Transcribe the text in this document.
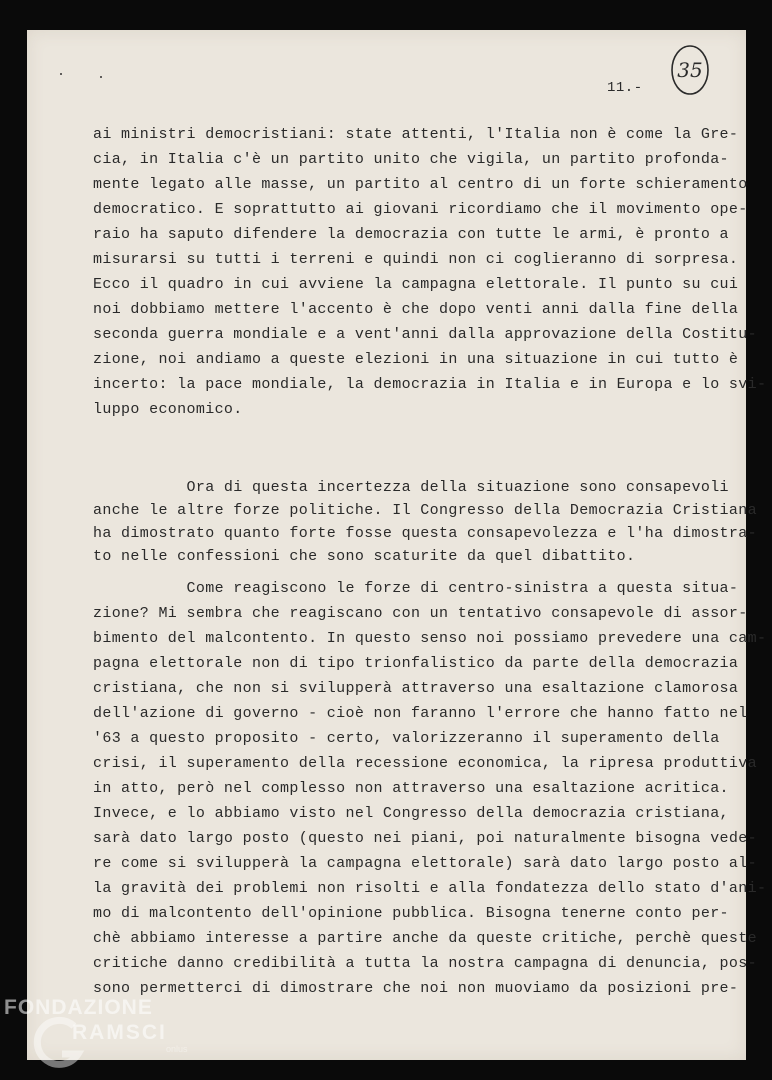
11.-
35
ai ministri democristiani: state attenti, l'Italia non è come la Gre-
cia, in Italia c'è un partito unito che vigila, un partito profonda-
mente legato alle masse, un partito al centro di un forte schieramento
democratico. E soprattutto ai giovani ricordiamo che il movimento ope-
raio ha saputo difendere la democrazia con tutte le armi, è pronto a
misurarsi su tutti i terreni e quindi non ci coglieranno di sorpresa.
Ecco il quadro in cui avviene la campagna elettorale. Il punto su cui
noi dobbiamo mettere l'accento è che dopo venti anni dalla fine della
seconda guerra mondiale e a vent'anni dalla approvazione della Costitu-
zione, noi andiamo a queste elezioni in una situazione in cui tutto è
incerto: la pace mondiale, la democrazia in Italia e in Europa e lo svi-
luppo economico.
Ora di questa incertezza della situazione sono consapevoli
anche le altre forze politiche. Il Congresso della Democrazia Cristiana
ha dimostrato quanto forte fosse questa consapevolezza e l'ha dimostra-
to nelle confessioni che sono scaturite da quel dibattito.
Come reagiscono le forze di centro-sinistra a questa situa-
zione? Mi sembra che reagiscano con un tentativo consapevole di assor-
bimento del malcontento. In questo senso noi possiamo prevedere una cam-
pagna elettorale non di tipo trionfalistico da parte della democrazia
cristiana, che non si svilupperà attraverso una esaltazione clamorosa
dell'azione di governo - cioè non faranno l'errore che hanno fatto nel
'63 a questo proposito - certo, valorizzeranno il superamento della
crisi, il superamento della recessione economica, la ripresa produttiva
in atto, però nel complesso non attraverso una esaltazione acritica.
Invece, e lo abbiamo visto nel Congresso della democrazia cristiana,
sarà dato largo posto (questo nei piani, poi naturalmente bisogna vede-
re come si svilupperà la campagna elettorale) sarà dato largo posto al-
la gravità dei problemi non risolti e alla fondatezza dello stato d'ani-
mo di malcontento dell'opinione pubblica. Bisogna tenerne conto per-
chè abbiamo interesse a partire anche da queste critiche, perchè queste
critiche danno credibilità a tutta la nostra campagna di denuncia, pos-
sono permetterci di dimostrare che noi non muoviamo da posizioni pre-
FONDAZIONE
RAMSCI
onlus
